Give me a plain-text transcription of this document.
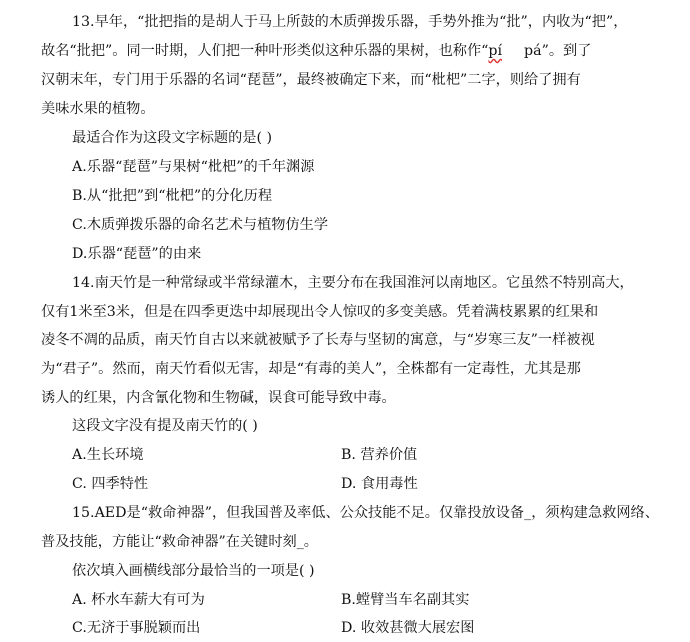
13.早年，“批把指的是胡人于马上所鼓的木质弹拨乐器，手势外推为“批”，内收为“把”，
故名“批把”。同一时期，人们把一种叶形类似这种乐器的果树，也称作“pí pá”。到了
汉朝末年，专门用于乐器的名词“琵琶”，最终被确定下来，而“枇杷”二字，则给了拥有
美味水果的植物。
最适合作为这段文字标题的是( )
A.乐器“琵琶”与果树“枇杷”的千年渊源
B.从“批把”到“枇杷”的分化历程
C.木质弹拨乐器的命名艺术与植物仿生学
D.乐器“琵琶”的由来
14.南天竹是一种常绿或半常绿灌木，主要分布在我国淮河以南地区。它虽然不特别高大，
仅有1米至3米，但是在四季更迭中却展现出令人惊叹的多变美感。凭着满枝累累的红果和
凌冬不凋的品质，南天竹自古以来就被赋予了长寿与坚韧的寓意，与“岁寒三友”一样被视
为“君子”。然而，南天竹看似无害，却是“有毒的美人”，全株都有一定毒性，尤其是那
诱人的红果，内含氰化物和生物碱，误食可能导致中毒。
这段文字没有提及南天竹的( )
A.生长环境	B. 营养价值
C. 四季特性	D. 食用毒性
15.AED是“救命神器”，但我国普及率低、公众技能不足。仅靠投放设备_，须构建急救网络、
普及技能，方能让“救命神器”在关键时刻_。
依次填入画横线部分最恰当的一项是( )
A. 杯水车薪大有可为	B.螳臂当车名副其实
C.无济于事脱颖而出	D. 收效甚微大展宏图
